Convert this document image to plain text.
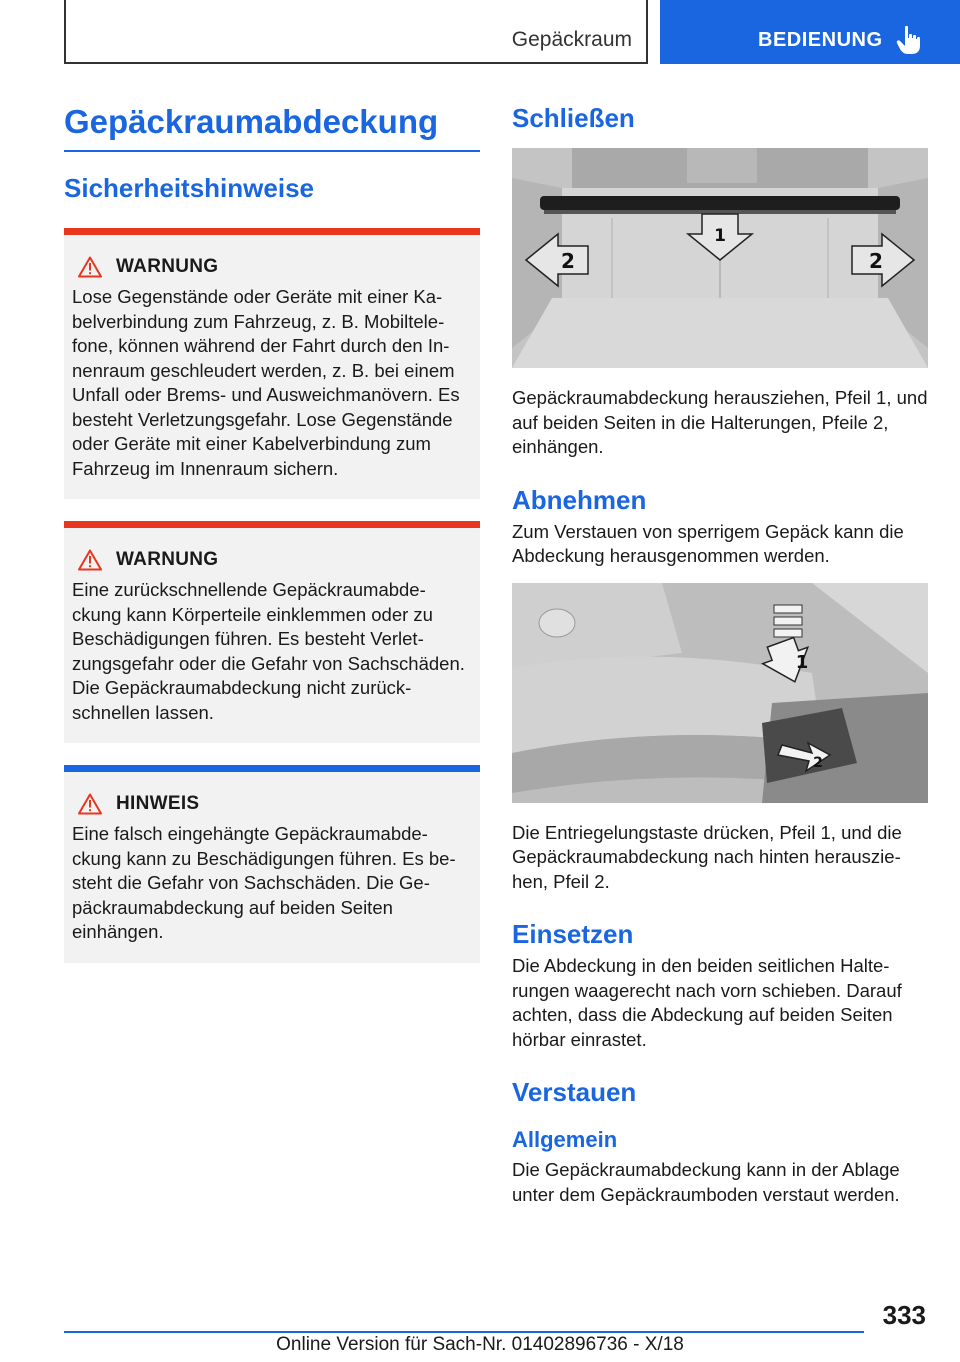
Gepäckraum	BEDIENUNG
Gepäckraumabdeckung
Sicherheitshinweise
WARNUNG
Lose Gegenstände oder Geräte mit einer Ka-belverbindung zum Fahrzeug, z. B. Mobiltele-fone, können während der Fahrt durch den In-nenraum geschleudert werden, z. B. bei einem Unfall oder Brems- und Ausweichmanövern. Es besteht Verletzungsgefahr. Lose Gegenstände oder Geräte mit einer Kabelverbindung zum Fahrzeug im Innenraum sichern.
WARNUNG
Eine zurückschnellende Gepäckraumabde-ckung kann Körperteile einklemmen oder zu Beschädigungen führen. Es besteht Verlet-zungsgefahr oder die Gefahr von Sachschäden. Die Gepäckraumabdeckung nicht zurück-schnellen lassen.
HINWEIS
Eine falsch eingehängte Gepäckraumabde-ckung kann zu Beschädigungen führen. Es be-steht die Gefahr von Sachschäden. Die Ge-päckraumabdeckung auf beiden Seiten einhängen.
Schließen
1
2	2
Gepäckraumabdeckung herausziehen, Pfeil 1, und auf beiden Seiten in die Halterungen, Pfeile 2, einhängen.
Abnehmen
Zum Verstauen von sperrigem Gepäck kann die Abdeckung herausgenommen werden.
1
2
Die Entriegelungstaste drücken, Pfeil 1, und die Gepäckraumabdeckung nach hinten herauszie-hen, Pfeil 2.
Einsetzen
Die Abdeckung in den beiden seitlichen Halte-rungen waagerecht nach vorn schieben. Darauf achten, dass die Abdeckung auf beiden Seiten hörbar einrastet.
Verstauen
Allgemein
Die Gepäckraumabdeckung kann in der Ablage unter dem Gepäckraumboden verstaut werden.
333
Online Version für Sach-Nr. 01402896736 - X/18
